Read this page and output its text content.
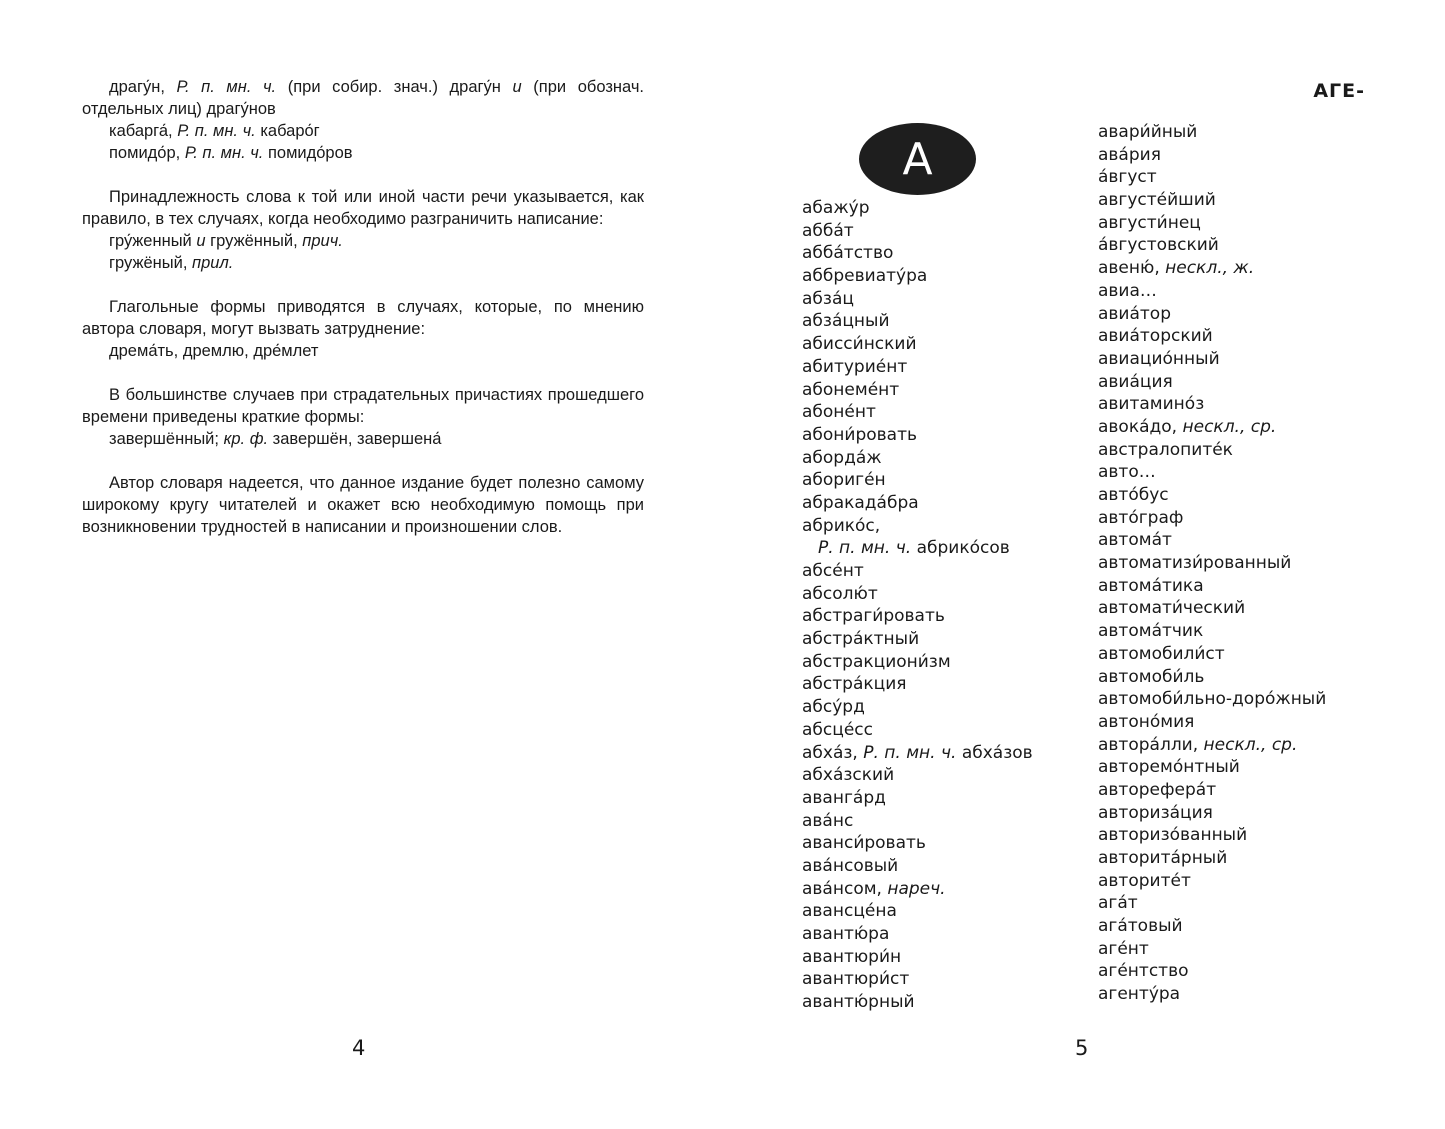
драгу́н, Р. п. мн. ч. (при собир. знач.) драгу́н и (при обознач. отдельных лиц) драгу́нов

кабарга́, Р. п. мн. ч. кабаро́г

помидо́р, Р. п. мн. ч. помидо́ров

Принадлежность слова к той или иной части речи указывается, как правило, в тех случаях, когда необходимо разграничить написание:

гру́женный и гружённый, прич.

гружёный, прил.

Глагольные формы приводятся в случаях, которые, по мнению автора словаря, могут вызвать затруднение:

дрема́ть, дремлю, дре́млет

В большинстве случаев при страдательных причастиях прошедшего времени приведены краткие формы:

завершённый; кр. ф. завершён, завершена́

Автор словаря надеется, что данное издание будет полезно самому широкому кругу читателей и окажет всю необходимую помощь при возникновении трудностей в написании и произношении слов.

4
АГЕ-
А
абажу́р
абба́т
абба́тство
аббревиату́ра
абза́ц
абза́цный
абисси́нский
абитурие́нт
абонеме́нт
абоне́нт
абони́ровать
аборда́ж
абориге́н
абракада́бра
абрико́с,
Р. п. мн. ч. абрико́сов
абсе́нт
абсолю́т
абстраги́ровать
абстра́ктный
абстракциони́зм
абстра́кция
абсу́рд
абсце́сс
абха́з, Р. п. мн. ч. абха́зов
абха́зский
авангáрд
ава́нс
аванси́ровать
ава́нсовый
ава́нсом, нареч.
авансце́на
авантю́ра
авантюри́н
авантюри́ст
авантю́рный
авари́йный
ава́рия
а́вгуст
августе́йший
августи́нец
а́вгустовский
авеню́, нескл., ж.
авиа…
авиа́тор
авиа́торский
авиацио́нный
авиа́ция
авитамино́з
авока́до, нескл., ср.
австралопите́к
авто…
авто́бус
авто́граф
автома́т
автоматизи́рованный
автома́тика
автомати́ческий
автома́тчик
автомобили́ст
автомоби́ль
автомоби́льно-доро́жный
автоно́мия
автора́лли, нескл., ср.
авторемо́нтный
авторефера́т
авториза́ция
авторизо́ванный
авторита́рный
авторите́т
ага́т
ага́товый
аге́нт
аге́нтство
агенту́ра
5
